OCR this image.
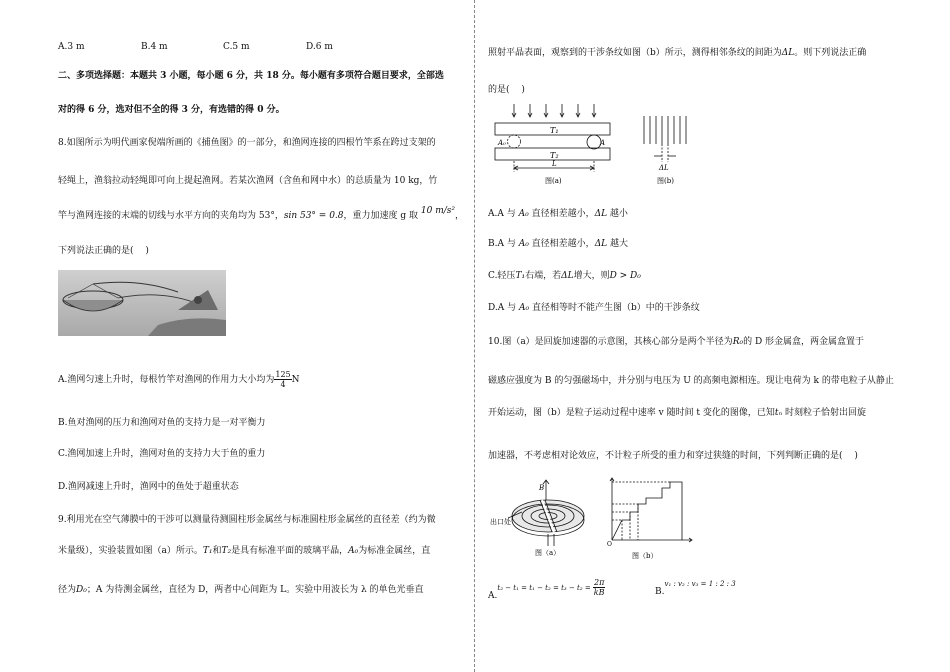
A.3 m	B.4 m	C.5 m	D.6 m
二、多项选择题：本题共 3 小题，每小题 6 分，共 18 分。每小题有多项符合题目要求，全部选
对的得 6 分，选对但不全的得 3 分，有选错的得 0 分。
8.如图所示为明代画家倪端所画的《捕鱼图》的一部分，和渔网连接的四根竹竿系在跨过支架的
轻绳上，渔翁拉动轻绳即可向上提起渔网。若某次渔网（含鱼和网中水）的总质量为 10 kg，竹
竿与渔网连接的末端的切线与水平方向的夹角均为 53°，sin 53° = 0.8，重力加速度 g 取 10 m/s²，
下列说法正确的是(　 )
A.渔网匀速上升时，每根竹竿对渔网的作用力大小均为 $\frac{125}{4}$ N
B.鱼对渔网的压力和渔网对鱼的支持力是一对平衡力
C.渔网加速上升时，渔网对鱼的支持力大于鱼的重力
D.渔网减速上升时，渔网中的鱼处于超重状态
9.利用光在空气薄膜中的干涉可以测量待测圆柱形金属丝与标准圆柱形金属丝的直径差（约为微
米量级），实验装置如图（a）所示。T₁和T₂是具有标准平面的玻璃平晶，A₀为标准金属丝，直
径为D₀；A 为待测金属丝，直径为 D，两者中心间距为 L。实验中用波长为 λ 的单色光垂直
照射平晶表面，观察到的干涉条纹如图（b）所示，测得相邻条纹的间距为ΔL。则下列说法正确
的是(　 )
T₁
T₂
A₀	A
L
图(a)
ΔL
图(b)
A.A 与 A₀ 直径相差越小，ΔL 越小
B.A 与 A₀ 直径相差越小，ΔL 越大
C.轻压T₁右端，若ΔL增大，则D > D₀
D.A 与 A₀ 直径相等时不能产生图（b）中的干涉条纹
10.图（a）是回旋加速器的示意图，其核心部分是两个半径为R₀的 D 形金属盒，两金属盒置于
磁感应强度为 B 的匀强磁场中，并分别与电压为 U 的高频电源相连。现让电荷为 k 的带电粒子从静止
开始运动，图（b）是粒子运动过程中速率 v 随时间 t 变化的图像，已知tₙ 时刻粒子恰射出回旋
加速器，不考虑相对论效应，不计粒子所受的重力和穿过狭缝的时间，下列判断正确的是(　 )
B
出口处
图（a）
O
图（b）
$A.t_2 - t_1 = t_1 - t_2 = t_3 - t_2 = \frac{2\pi}{kB}$	B.v₁ : v₂ : v₃ = 1 : 2 : 3
